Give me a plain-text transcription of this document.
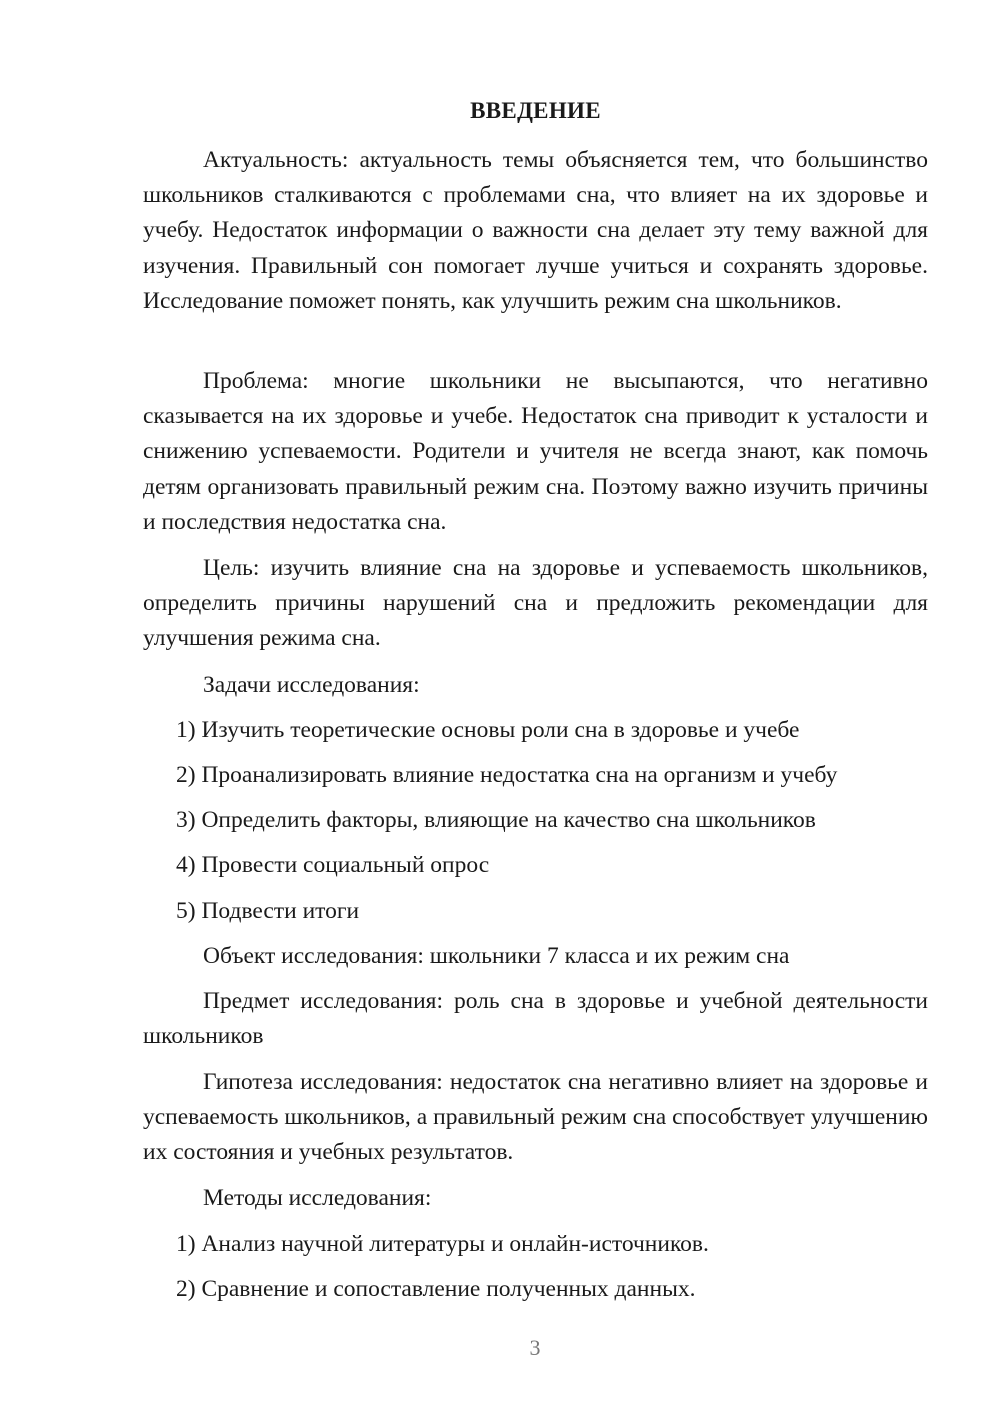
ВВЕДЕНИЕ

Актуальность: актуальность темы объясняется тем, что большинство школьников сталкиваются с проблемами сна, что влияет на их здоровье и учебу. Недостаток информации о важности сна делает эту тему важной для изучения. Правильный сон помогает лучше учиться и сохранять здоровье. Исследование поможет понять, как улучшить режим сна школьников.

Проблема: многие школьники не высыпаются, что негативно сказывается на их здоровье и учебе. Недостаток сна приводит к усталости и снижению успеваемости. Родители и учителя не всегда знают, как помочь детям организовать правильный режим сна. Поэтому важно изучить причины и последствия недостатка сна.

Цель: изучить влияние сна на здоровье и успеваемость школьников, определить причины нарушений сна и предложить рекомендации для улучшения режима сна.

Задачи исследования:

1) Изучить теоретические основы роли сна в здоровье и учебе

2) Проанализировать влияние недостатка сна на организм и учебу

3) Определить факторы, влияющие на качество сна школьников

4) Провести социальный опрос

5) Подвести итоги

Объект исследования: школьники 7 класса и их режим сна

Предмет исследования: роль сна в здоровье и учебной деятельности школьников

Гипотеза исследования: недостаток сна негативно влияет на здоровье и успеваемость школьников, а правильный режим сна способствует улучшению их состояния и учебных результатов.

Методы исследования:

1) Анализ научной литературы и онлайн-источников.

2) Сравнение и сопоставление полученных данных.

3
